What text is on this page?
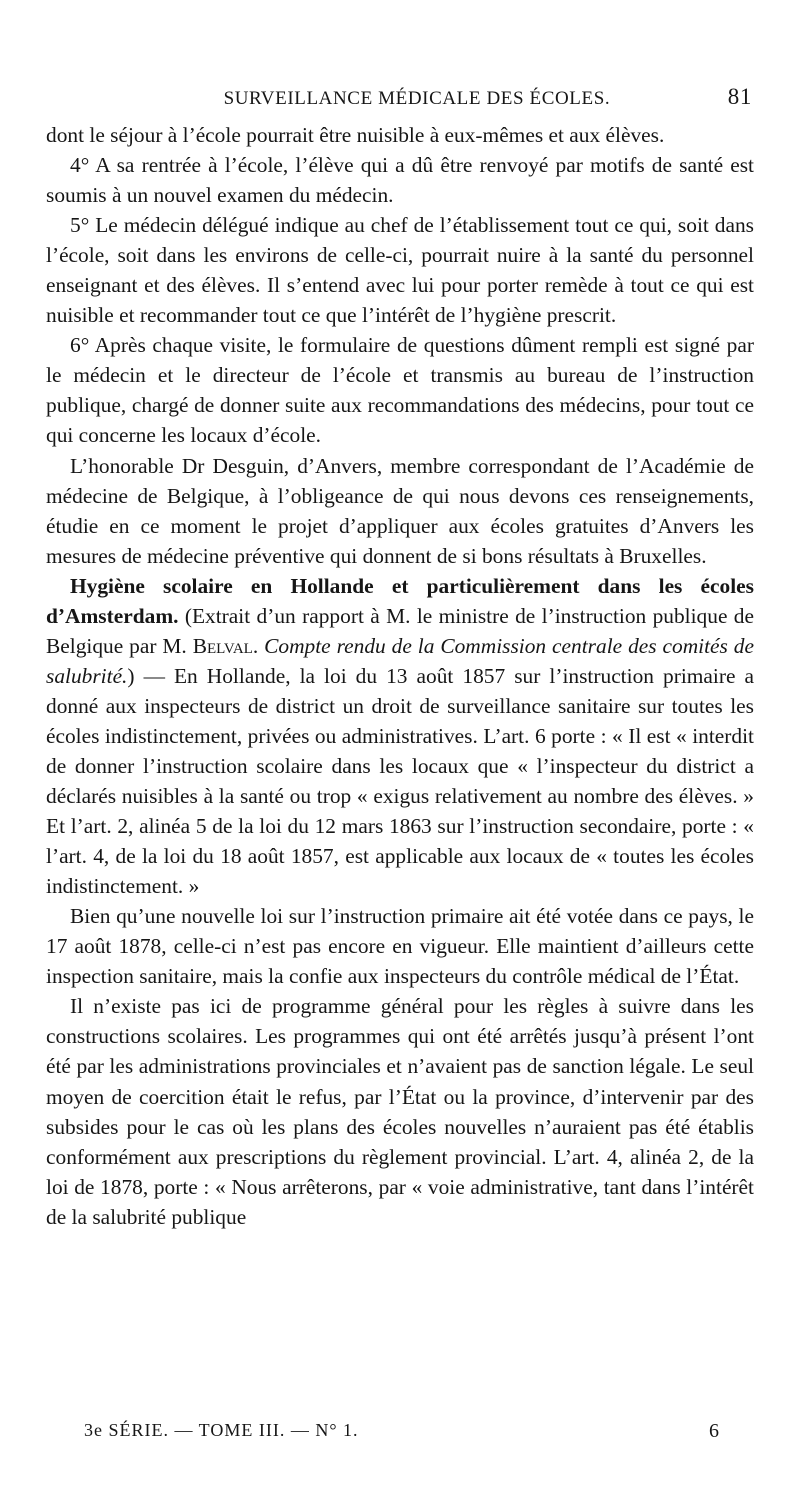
SURVEILLANCE MÉDICALE DES ÉCOLES.	81

dont le séjour à l’école pourrait être nuisible à eux-mêmes et aux élèves.

4° A sa rentrée à l’école, l’élève qui a dû être renvoyé par motifs de santé est soumis à un nouvel examen du médecin.

5° Le médecin délégué indique au chef de l’établissement tout ce qui, soit dans l’école, soit dans les environs de celle-ci, pourrait nuire à la santé du personnel enseignant et des élèves. Il s’entend avec lui pour porter remède à tout ce qui est nuisible et recommander tout ce que l’intérêt de l’hygiène prescrit.

6° Après chaque visite, le formulaire de questions dûment rempli est signé par le médecin et le directeur de l’école et transmis au bureau de l’instruction publique, chargé de donner suite aux recommandations des médecins, pour tout ce qui concerne les locaux d’école.

L’honorable Dr Desguin, d’Anvers, membre correspondant de l’Académie de médecine de Belgique, à l’obligeance de qui nous devons ces renseignements, étudie en ce moment le projet d’appliquer aux écoles gratuites d’Anvers les mesures de médecine préventive qui donnent de si bons résultats à Bruxelles.

Hygiène scolaire en Hollande et particulièrement dans les écoles d’Amsterdam. (Extrait d’un rapport à M. le ministre de l’instruction publique de Belgique par M. Belval. Compte rendu de la Commission centrale des comités de salubrité.) — En Hollande, la loi du 13 août 1857 sur l’instruction primaire a donné aux inspecteurs de district un droit de surveillance sanitaire sur toutes les écoles indistinctement, privées ou administratives. L’art. 6 porte : « Il est « interdit de donner l’instruction scolaire dans les locaux que « l’inspecteur du district a déclarés nuisibles à la santé ou trop « exigus relativement au nombre des élèves. » Et l’art. 2, alinéa 5 de la loi du 12 mars 1863 sur l’instruction secondaire, porte : « l’art. 4, de la loi du 18 août 1857, est applicable aux locaux de « toutes les écoles indistinctement. »

Bien qu’une nouvelle loi sur l’instruction primaire ait été votée dans ce pays, le 17 août 1878, celle-ci n’est pas encore en vigueur. Elle maintient d’ailleurs cette inspection sanitaire, mais la confie aux inspecteurs du contrôle médical de l’État.

Il n’existe pas ici de programme général pour les règles à suivre dans les constructions scolaires. Les programmes qui ont été arrêtés jusqu’à présent l’ont été par les administrations provinciales et n’avaient pas de sanction légale. Le seul moyen de coercition était le refus, par l’État ou la province, d’intervenir par des subsides pour le cas où les plans des écoles nouvelles n’auraient pas été établis conformément aux prescriptions du règlement provincial. L’art. 4, alinéa 2, de la loi de 1878, porte : « Nous arrêterons, par « voie administrative, tant dans l’intérêt de la salubrité publique

3e SÉRIE. — TOME III. — N° 1.	6
